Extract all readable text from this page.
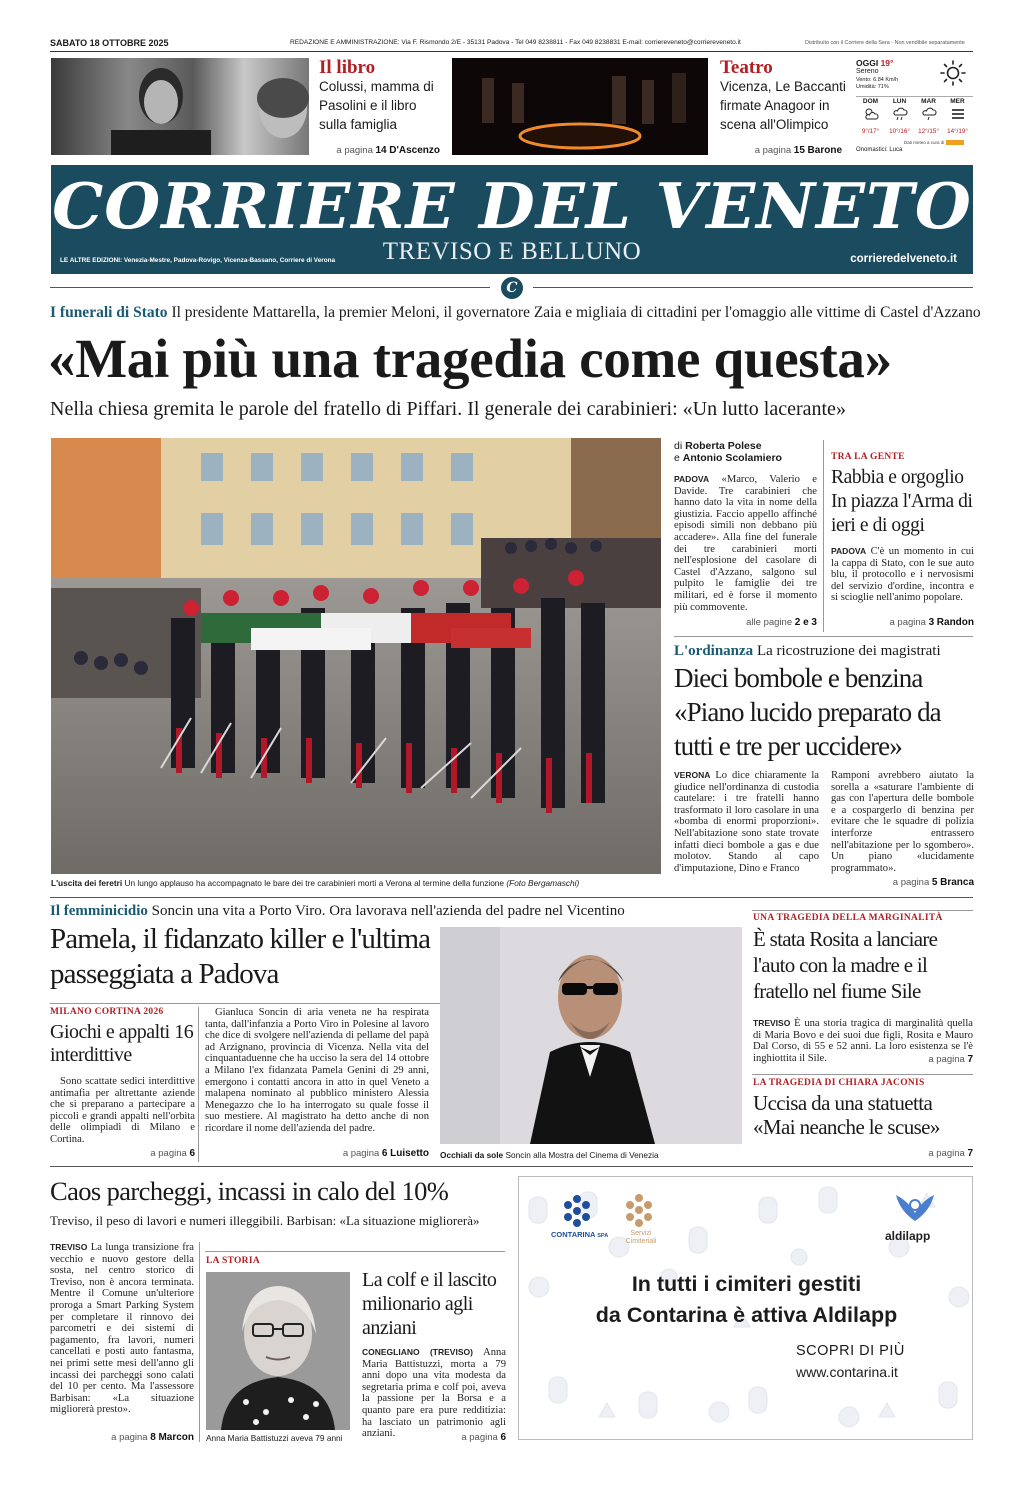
SABATO 18 OTTOBRE 2025	REDAZIONE E AMMINISTRAZIONE: Via F. Rismondo 2/E - 35131 Padova - Tel 049 8238811 - Fax 049 8238831 E-mail: corriereveneto@corriereveneto.it	Distribuito con il Corriere della Sera - Non vendibile separatamente
Il libro
Colussi, mamma di Pasolini e il libro sulla famiglia
a pagina 14 D'Ascenzo
Teatro
Vicenza, Le Baccanti firmate Anagoor in scena all'Olimpico
a pagina 15 Barone
OGGI 19°
Sereno
Vento: 6.84 Km/h
Umidità: 71%
DOM
9°/17°
LUN
10°/16°
MAR
12°/15°
MER
14°/19°
Dati meteo a cura di
Onomastici: Luca
CORRIERE DEL VENETO
TREVISO E BELLUNO
LE ALTRE EDIZIONI: Venezia-Mestre, Padova-Rovigo, Vicenza-Bassano, Corriere di Verona	corrieredelveneto.it
C
I funerali di Stato Il presidente Mattarella, la premier Meloni, il governatore Zaia e migliaia di cittadini per l'omaggio alle vittime di Castel d'Azzano
«Mai più una tragedia come questa»
Nella chiesa gremita le parole del fratello di Piffari. Il generale dei carabinieri: «Un lutto lacerante»
L'uscita dei feretri Un lungo applauso ha accompagnato le bare dei tre carabinieri morti a Verona al termine della funzione (Foto Bergamaschi)
di Roberta Polese
e Antonio Scolamiero
PADOVA «Marco, Valerio e Davide. Tre carabinieri che hanno dato la vita in nome della giustizia. Faccio appello affinché episodi simili non debbano più accadere». Alla fine del funerale dei tre carabinieri morti nell'esplosione del casolare di Castel d'Azzano, salgono sul pulpito le famiglie dei tre militari, ed è forse il momento più commovente.
alle pagine 2 e 3
TRA LA GENTE
Rabbia e orgoglio In piazza l'Arma di ieri e di oggi
PADOVA C'è un momento in cui la cappa di Stato, con le sue auto blu, il protocollo e i nervosismi del servizio d'ordine, incontra e si scioglie nell'animo popolare.
a pagina 3 Randon
L'ordinanza La ricostruzione dei magistrati
Dieci bombole e benzina «Piano lucido preparato da tutti e tre per uccidere»
VERONA Lo dice chiaramente la giudice nell'ordinanza di custodia cautelare: i tre fratelli hanno trasformato il loro casolare in una «bomba di enormi proporzioni». Nell'abitazione sono state trovate infatti dieci bombole a gas e due molotov. Stando al capo d'imputazione, Dino e Franco
Ramponi avrebbero aiutato la sorella a «saturare l'ambiente di gas con l'apertura delle bombole e a cospargerlo di benzina per evitare che le squadre di polizia interforze entrassero nell'abitazione per lo sgombero». Un piano «lucidamente programmato».
a pagina 5 Branca
Il femminicidio Soncin una vita a Porto Viro. Ora lavorava nell'azienda del padre nel Vicentino
Pamela, il fidanzato killer e l'ultima passeggiata a Padova
MILANO CORTINA 2026
Giochi e appalti 16 interdittive
Sono scattate sedici interdittive antimafia per altrettante aziende che si preparano a partecipare a piccoli e grandi appalti nell'orbita delle olimpiadi di Milano e Cortina.
a pagina 6
Gianluca Soncin di aria veneta ne ha respirata tanta, dall'infanzia a Porto Viro in Polesine al lavoro che dice di svolgere nell'azienda di pellame del papà ad Arzignano, provincia di Vicenza. Nella vita del cinquantaduenne che ha ucciso la sera del 14 ottobre a Milano l'ex fidanzata Pamela Genini di 29 anni, emergono i contatti ancora in atto in quel Veneto a malapena nominato al pubblico ministero Alessia Menegazzo che lo ha interrogato su quale fosse il suo mestiere. Al magistrato ha detto anche di non ricordare il nome dell'azienda del padre.
a pagina 6 Luisetto Occhiali da sole Soncin alla Mostra del Cinema di Venezia
UNA TRAGEDIA DELLA MARGINALITÀ
È stata Rosita a lanciare l'auto con la madre e il fratello nel fiume Sile
TREVISO È una storia tragica di marginalità quella di Maria Bovo e dei suoi due figli, Rosita e Mauro Dal Corso, di 55 e 52 anni. La loro esistenza se l'è inghiottita il Sile.	a pagina 7
LA TRAGEDIA DI CHIARA JACONIS
Uccisa da una statuetta «Mai neanche le scuse»
a pagina 7
Caos parcheggi, incassi in calo del 10%
Treviso, il peso di lavori e numeri illeggibili. Barbisan: «La situazione migliorerà»
TREVISO La lunga transizione fra vecchio e nuovo gestore della sosta, nel centro storico di Treviso, non è ancora terminata. Mentre il Comune un'ulteriore proroga a Smart Parking System per completare il rinnovo dei parcometri e dei sistemi di pagamento, fra lavori, numeri cancellati e posti auto fantasma, nei primi sette mesi dell'anno gli incassi dei parcheggi sono calati del 10 per cento. Ma l'assessore Barbisan: «La situazione migliorerà presto».
a pagina 8 Marcon
LA STORIA
Anna Maria Battistuzzi aveva 79 anni
La colf e il lascito milionario agli anziani
CONEGLIANO (TREVISO) Anna Maria Battistuzzi, morta a 79 anni dopo una vita modesta da segretaria prima e colf poi, aveva la passione per la Borsa e a quanto pare era pure redditizia: ha lasciato un patrimonio agli anziani.	a pagina 6
CONTARINA SPA	Servizi Cimiteriali	aldilapp
In tutti i cimiteri gestiti
da Contarina è attiva Aldilapp
SCOPRI DI PIÙ
www.contarina.it
